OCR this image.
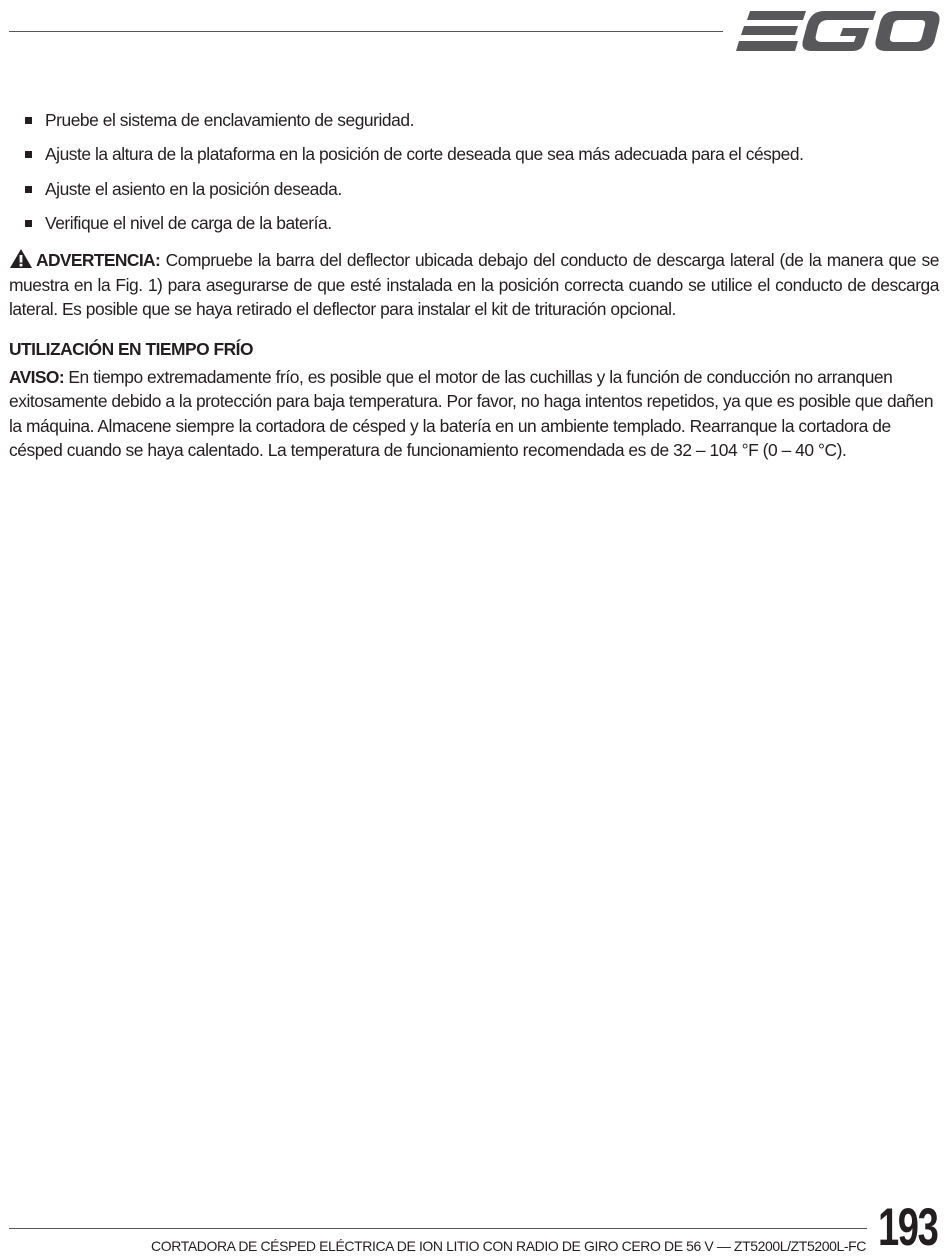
Pruebe el sistema de enclavamiento de seguridad.
Ajuste la altura de la plataforma en la posición de corte deseada que sea más adecuada para el césped.
Ajuste el asiento en la posición deseada.
Verifique el nivel de carga de la batería.
ADVERTENCIA: Compruebe la barra del deflector ubicada debajo del conducto de descarga lateral (de la manera que se muestra en la Fig. 1) para asegurarse de que esté instalada en la posición correcta cuando se utilice el conducto de descarga lateral. Es posible que se haya retirado el deflector para instalar el kit de trituración opcional.
UTILIZACIÓN EN TIEMPO FRÍO
AVISO: En tiempo extremadamente frío, es posible que el motor de las cuchillas y la función de conducción no arranquen exitosamente debido a la protección para baja temperatura. Por favor, no haga intentos repetidos, ya que es posible que dañen la máquina. Almacene siempre la cortadora de césped y la batería en un ambiente templado. Rearranque la cortadora de césped cuando se haya calentado. La temperatura de funcionamiento recomendada es de 32 – 104 °F (0 – 40 °C).
CORTADORA DE CÉSPED ELÉCTRICA DE ION LITIO CON RADIO DE GIRO CERO DE 56 V — ZT5200L/ZT5200L-FC 193
